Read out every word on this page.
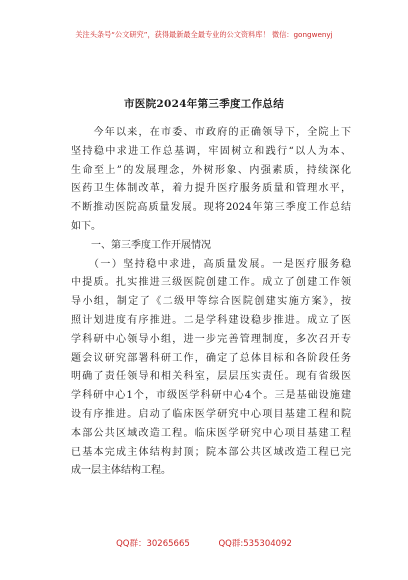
关注头条号“公文研究”，获得最新最全最专业的公文资料库！ 微信：gongwenyj
市医院2024年第三季度工作总结
　　今年以来，在市委、市政府的正确领导下，全院上下
坚持稳中求进工作总基调，牢固树立和践行“以人为本、
生命至上”的发展理念，外树形象、内强素质，持续深化
医药卫生体制改革，着力提升医疗服务质量和管理水平，
不断推动医院高质量发展。现将2024年第三季度工作总结
如下。
　　一、第三季度工作开展情况
　　（一）坚持稳中求进，高质量发展。一是医疗服务稳
中提质。扎实推进三级医院创建工作。成立了创建工作领
导小组，制定了《二级甲等综合医院创建实施方案》，按
照计划进度有序推进。二是学科建设稳步推进。成立了医
学科研中心领导小组，进一步完善管理制度，多次召开专
题会议研究部署科研工作，确定了总体目标和各阶段任务
明确了责任领导和相关科室，层层压实责任。现有省级医
学科研中心1个，市级医学科研中心4个。三是基础设施建
设有序推进。启动了临床医学研究中心项目基建工程和院
本部公共区域改造工程。临床医学研究中心项目基建工程
已基本完成主体结构封顶；院本部公共区域改造工程已完
成一层主体结构工程。
QQ群：30265665	QQ群:535304092
